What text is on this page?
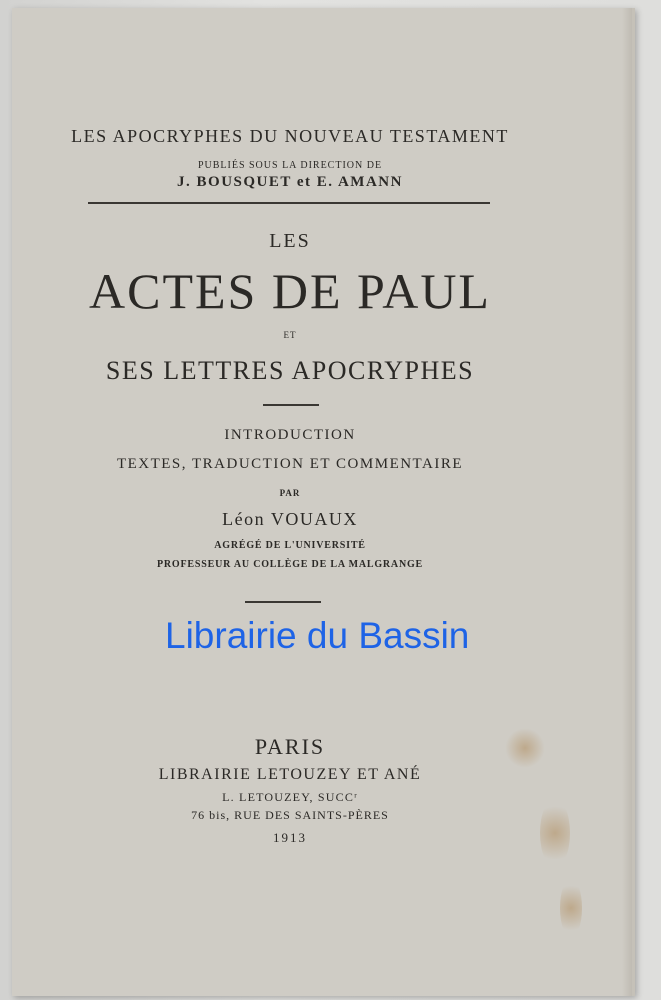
LES APOCRYPHES DU NOUVEAU TESTAMENT
PUBLIÉS SOUS LA DIRECTION DE
J. BOUSQUET et E. AMANN
LES
ACTES DE PAUL
ET
SES LETTRES APOCRYPHES
INTRODUCTION
TEXTES, TRADUCTION ET COMMENTAIRE
PAR
Léon VOUAUX
AGRÉGÉ DE L'UNIVERSITÉ
PROFESSEUR AU COLLÈGE DE LA MALGRANGE
Librairie du Bassin
PARIS
LIBRAIRIE LETOUZEY ET ANÉ
L. LETOUZEY, SUCCʳ
76 bis, RUE DES SAINTS-PÈRES
1913
